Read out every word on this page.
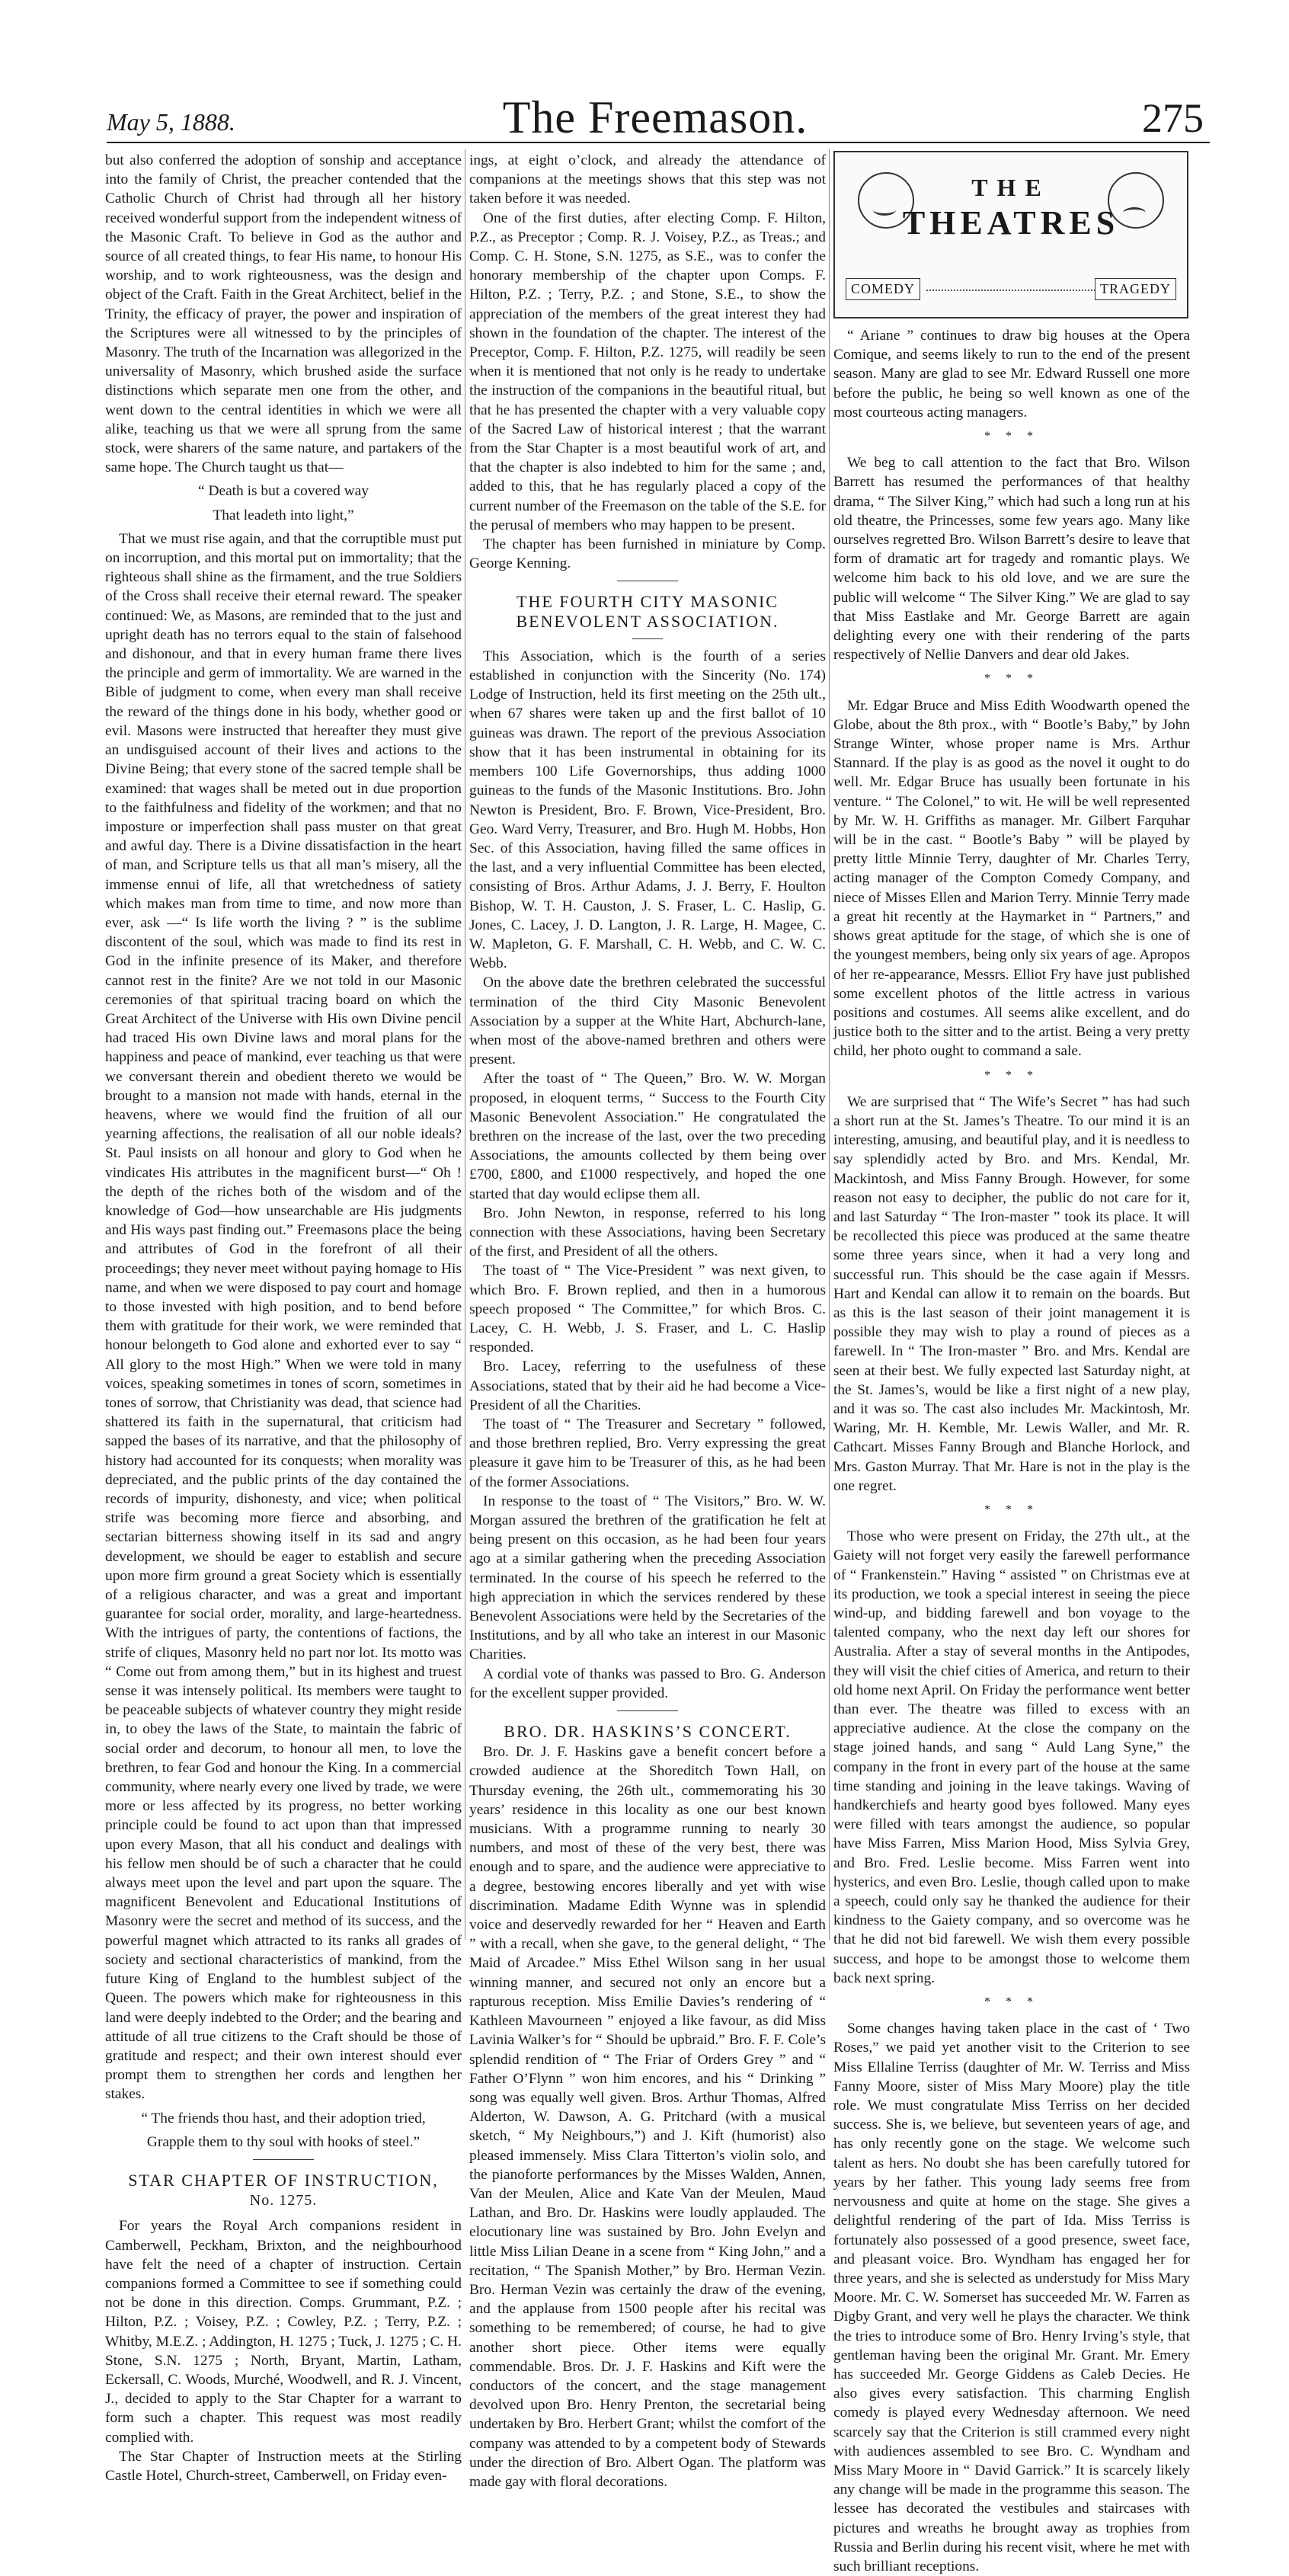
May 5, 1888.	The Freemason.	275

but also conferred the adoption of sonship and acceptance into the family of Christ, the preacher contended that the Catholic Church of Christ had through all her history received wonderful support from the independent witness of the Masonic Craft. To believe in God as the author and source of all created things, to fear His name, to honour His worship, and to work righteousness, was the design and object of the Craft. Faith in the Great Architect, belief in the Trinity, the efficacy of prayer, the power and inspiration of the Scriptures were all witnessed to by the principles of Masonry. The truth of the Incarnation was allegorized in the universality of Masonry, which brushed aside the surface distinctions which separate men one from the other, and went down to the central identities in which we were all alike, teaching us that we were all sprung from the same stock, were sharers of the same nature, and partakers of the same hope. The Church taught us that—

“ Death is but a covered way
That leadeth into light,”

That we must rise again, and that the corruptible must put on incorruption, and this mortal put on immortality; that the righteous shall shine as the firmament, and the true Soldiers of the Cross shall receive their eternal reward. The speaker continued: We, as Masons, are reminded that to the just and upright death has no terrors equal to the stain of falsehood and dishonour, and that in every human frame there lives the principle and germ of immortality. We are warned in the Bible of judgment to come, when every man shall receive the reward of the things done in his body, whether good or evil. Masons were instructed that hereafter they must give an undisguised account of their lives and actions to the Divine Being; that every stone of the sacred temple shall be examined: that wages shall be meted out in due proportion to the faithfulness and fidelity of the workmen; and that no imposture or imperfection shall pass muster on that great and awful day. There is a Divine dissatisfaction in the heart of man, and Scripture tells us that all man’s misery, all the immense ennui of life, all that wretchedness of satiety which makes man from time to time, and now more than ever, ask —“ Is life worth the living ? ” is the sublime discontent of the soul, which was made to find its rest in God in the infinite presence of its Maker, and therefore cannot rest in the finite? Are we not told in our Masonic ceremonies of that spiritual tracing board on which the Great Architect of the Universe with His own Divine pencil had traced His own Divine laws and moral plans for the happiness and peace of mankind, ever teaching us that were we conversant therein and obedient thereto we would be brought to a mansion not made with hands, eternal in the heavens, where we would find the fruition of all our yearning affections, the realisation of all our noble ideals? St. Paul insists on all honour and glory to God when he vindicates His attributes in the magnificent burst—“ Oh ! the depth of the riches both of the wisdom and of the knowledge of God—how unsearchable are His judgments and His ways past finding out.” Freemasons place the being and attributes of God in the forefront of all their proceedings; they never meet without paying homage to His name, and when we were disposed to pay court and homage to those invested with high position, and to bend before them with gratitude for their work, we were reminded that honour belongeth to God alone and exhorted ever to say “ All glory to the most High.” When we were told in many voices, speaking sometimes in tones of scorn, sometimes in tones of sorrow, that Christianity was dead, that science had shattered its faith in the supernatural, that criticism had sapped the bases of its narrative, and that the philosophy of history had accounted for its conquests; when morality was depreciated, and the public prints of the day contained the records of impurity, dishonesty, and vice; when political strife was becoming more fierce and absorbing, and sectarian bitterness showing itself in its sad and angry development, we should be eager to establish and secure upon more firm ground a great Society which is essentially of a religious character, and was a great and important guarantee for social order, morality, and large-heartedness. With the intrigues of party, the contentions of factions, the strife of cliques, Masonry held no part nor lot. Its motto was “ Come out from among them,” but in its highest and truest sense it was intensely political. Its members were taught to be peaceable subjects of whatever country they might reside in, to obey the laws of the State, to maintain the fabric of social order and decorum, to honour all men, to love the brethren, to fear God and honour the King. In a commercial community, where nearly every one lived by trade, we were more or less affected by its progress, no better working principle could be found to act upon than that impressed upon every Mason, that all his conduct and dealings with his fellow men should be of such a character that he could always meet upon the level and part upon the square. The magnificent Benevolent and Educational Institutions of Masonry were the secret and method of its success, and the powerful magnet which attracted to its ranks all grades of society and sectional characteristics of mankind, from the future King of England to the humblest subject of the Queen. The powers which make for righteousness in this land were deeply indebted to the Order; and the bearing and attitude of all true citizens to the Craft should be those of gratitude and respect; and their own interest should ever prompt them to strengthen her cords and lengthen her stakes.

“ The friends thou hast, and their adoption tried,
Grapple them to thy soul with hooks of steel.”
STAR CHAPTER OF INSTRUCTION,
No. 1275.

For years the Royal Arch companions resident in Camberwell, Peckham, Brixton, and the neighbourhood have felt the need of a chapter of instruction. Certain companions formed a Committee to see if something could not be done in this direction. Comps. Grummant, P.Z. ; Hilton, P.Z. ; Voisey, P.Z. ; Cowley, P.Z. ; Terry, P.Z. ; Whitby, M.E.Z. ; Addington, H. 1275 ; Tuck, J. 1275 ; C. H. Stone, S.N. 1275 ; North, Bryant, Martin, Latham, Eckersall, C. Woods, Murché, Woodwell, and R. J. Vincent, J., decided to apply to the Star Chapter for a warrant to form such a chapter. This request was most readily complied with.

The Star Chapter of Instruction meets at the Stirling Castle Hotel, Church-street, Camberwell, on Friday even-

ings, at eight o’clock, and already the attendance of companions at the meetings shows that this step was not taken before it was needed.

One of the first duties, after electing Comp. F. Hilton, P.Z., as Preceptor ; Comp. R. J. Voisey, P.Z., as Treas.; and Comp. C. H. Stone, S.N. 1275, as S.E., was to confer the honorary membership of the chapter upon Comps. F. Hilton, P.Z. ; Terry, P.Z. ; and Stone, S.E., to show the appreciation of the members of the great interest they had shown in the foundation of the chapter. The interest of the Preceptor, Comp. F. Hilton, P.Z. 1275, will readily be seen when it is mentioned that not only is he ready to undertake the instruction of the companions in the beautiful ritual, but that he has presented the chapter with a very valuable copy of the Sacred Law of historical interest ; that the warrant from the Star Chapter is a most beautiful work of art, and that the chapter is also indebted to him for the same ; and, added to this, that he has regularly placed a copy of the current number of the Freemason on the table of the S.E. for the perusal of members who may happen to be present.

The chapter has been furnished in miniature by Comp. George Kenning.

THE FOURTH CITY MASONIC BENEVOLENT ASSOCIATION.

This Association, which is the fourth of a series established in conjunction with the Sincerity (No. 174) Lodge of Instruction, held its first meeting on the 25th ult., when 67 shares were taken up and the first ballot of 10 guineas was drawn. The report of the previous Association show that it has been instrumental in obtaining for its members 100 Life Governorships, thus adding 1000 guineas to the funds of the Masonic Institutions. Bro. John Newton is President, Bro. F. Brown, Vice-President, Bro. Geo. Ward Verry, Treasurer, and Bro. Hugh M. Hobbs, Hon Sec. of this Association, having filled the same offices in the last, and a very influential Committee has been elected, consisting of Bros. Arthur Adams, J. J. Berry, F. Houlton Bishop, W. T. H. Causton, J. S. Fraser, L. C. Haslip, G. Jones, C. Lacey, J. D. Langton, J. R. Large, H. Magee, C. W. Mapleton, G. F. Marshall, C. H. Webb, and C. W. C. Webb.

On the above date the brethren celebrated the successful termination of the third City Masonic Benevolent Association by a supper at the White Hart, Abchurch-lane, when most of the above-named brethren and others were present.

After the toast of “ The Queen,” Bro. W. W. Morgan proposed, in eloquent terms, “ Success to the Fourth City Masonic Benevolent Association.” He congratulated the brethren on the increase of the last, over the two preceding Associations, the amounts collected by them being over £700, £800, and £1000 respectively, and hoped the one started that day would eclipse them all.

Bro. John Newton, in response, referred to his long connection with these Associations, having been Secretary of the first, and President of all the others.

The toast of “ The Vice-President ” was next given, to which Bro. F. Brown replied, and then in a humorous speech proposed “ The Committee,” for which Bros. C. Lacey, C. H. Webb, J. S. Fraser, and L. C. Haslip responded.

Bro. Lacey, referring to the usefulness of these Associations, stated that by their aid he had become a Vice-President of all the Charities.

The toast of “ The Treasurer and Secretary ” followed, and those brethren replied, Bro. Verry expressing the great pleasure it gave him to be Treasurer of this, as he had been of the former Associations.

In response to the toast of “ The Visitors,” Bro. W. W. Morgan assured the brethren of the gratification he felt at being present on this occasion, as he had been four years ago at a similar gathering when the preceding Association terminated. In the course of his speech he referred to the high appreciation in which the services rendered by these Benevolent Associations were held by the Secretaries of the Institutions, and by all who take an interest in our Masonic Charities.

A cordial vote of thanks was passed to Bro. G. Anderson for the excellent supper provided.

BRO. DR. HASKINS’S CONCERT.

Bro. Dr. J. F. Haskins gave a benefit concert before a crowded audience at the Shoreditch Town Hall, on Thursday evening, the 26th ult., commemorating his 30 years’ residence in this locality as one our best known musicians. With a programme running to nearly 30 numbers, and most of these of the very best, there was enough and to spare, and the audience were appreciative to a degree, bestowing encores liberally and yet with wise discrimination. Madame Edith Wynne was in splendid voice and deservedly rewarded for her “ Heaven and Earth ” with a recall, when she gave, to the general delight, “ The Maid of Arcadee.” Miss Ethel Wilson sang in her usual winning manner, and secured not only an encore but a rapturous reception. Miss Emilie Davies’s rendering of “ Kathleen Mavourneen ” enjoyed a like favour, as did Miss Lavinia Walker’s for “ Should be upbraid.” Bro. F. F. Cole’s splendid rendition of “ The Friar of Orders Grey ” and “ Father O’Flynn ” won him encores, and his “ Drinking ” song was equally well given. Bros. Arthur Thomas, Alfred Alderton, W. Dawson, A. G. Pritchard (with a musical sketch, “ My Neighbours,”) and J. Kift (humorist) also pleased immensely. Miss Clara Titterton’s violin solo, and the pianoforte performances by the Misses Walden, Annen, Van der Meulen, Alice and Kate Van der Meulen, Maud Lathan, and Bro. Dr. Haskins were loudly applauded. The elocutionary line was sustained by Bro. John Evelyn and little Miss Lilian Deane in a scene from “ King John,” and a recitation, “ The Spanish Mother,” by Bro. Herman Vezin. Bro. Herman Vezin was certainly the draw of the evening, and the applause from 1500 people after his recital was something to be remembered; of course, he had to give another short piece. Other items were equally commendable. Bros. Dr. J. F. Haskins and Kift were the conductors of the concert, and the stage management devolved upon Bro. Henry Prenton, the secretarial being undertaken by Bro. Herbert Grant; whilst the comfort of the company was attended to by a competent body of Stewards under the direction of Bro. Albert Ogan. The platform was made gay with floral decorations.

THE
THEATRES
COMEDY	TRAGEDY

“ Ariane ” continues to draw big houses at the Opera Comique, and seems likely to run to the end of the present season. Many are glad to see Mr. Edward Russell one more before the public, he being so well known as one of the most courteous acting managers.

* * *

We beg to call attention to the fact that Bro. Wilson Barrett has resumed the performances of that healthy drama, “ The Silver King,” which had such a long run at his old theatre, the Princesses, some few years ago. Many like ourselves regretted Bro. Wilson Barrett’s desire to leave that form of dramatic art for tragedy and romantic plays. We welcome him back to his old love, and we are sure the public will welcome “ The Silver King.” We are glad to say that Miss Eastlake and Mr. George Barrett are again delighting every one with their rendering of the parts respectively of Nellie Danvers and dear old Jakes.

* * *

Mr. Edgar Bruce and Miss Edith Woodwarth opened the Globe, about the 8th prox., with “ Bootle’s Baby,” by John Strange Winter, whose proper name is Mrs. Arthur Stannard. If the play is as good as the novel it ought to do well. Mr. Edgar Bruce has usually been fortunate in his venture. “ The Colonel,” to wit. He will be well represented by Mr. W. H. Griffiths as manager. Mr. Gilbert Farquhar will be in the cast. “ Bootle’s Baby ” will be played by pretty little Minnie Terry, daughter of Mr. Charles Terry, acting manager of the Compton Comedy Company, and niece of Misses Ellen and Marion Terry. Minnie Terry made a great hit recently at the Haymarket in “ Partners,” and shows great aptitude for the stage, of which she is one of the youngest members, being only six years of age. Apropos of her re-appearance, Messrs. Elliot Fry have just published some excellent photos of the little actress in various positions and costumes. All seems alike excellent, and do justice both to the sitter and to the artist. Being a very pretty child, her photo ought to command a sale.

* * *

We are surprised that “ The Wife’s Secret ” has had such a short run at the St. James’s Theatre. To our mind it is an interesting, amusing, and beautiful play, and it is needless to say splendidly acted by Bro. and Mrs. Kendal, Mr. Mackintosh, and Miss Fanny Brough. However, for some reason not easy to decipher, the public do not care for it, and last Saturday “ The Iron-master ” took its place. It will be recollected this piece was produced at the same theatre some three years since, when it had a very long and successful run. This should be the case again if Messrs. Hart and Kendal can allow it to remain on the boards. But as this is the last season of their joint management it is possible they may wish to play a round of pieces as a farewell. In “ The Iron-master ” Bro. and Mrs. Kendal are seen at their best. We fully expected last Saturday night, at the St. James’s, would be like a first night of a new play, and it was so. The cast also includes Mr. Mackintosh, Mr. Waring, Mr. H. Kemble, Mr. Lewis Waller, and Mr. R. Cathcart. Misses Fanny Brough and Blanche Horlock, and Mrs. Gaston Murray. That Mr. Hare is not in the play is the one regret.

* * *

Those who were present on Friday, the 27th ult., at the Gaiety will not forget very easily the farewell performance of “ Frankenstein.” Having “ assisted ” on Christmas eve at its production, we took a special interest in seeing the piece wind-up, and bidding farewell and bon voyage to the talented company, who the next day left our shores for Australia. After a stay of several months in the Antipodes, they will visit the chief cities of America, and return to their old home next April. On Friday the performance went better than ever. The theatre was filled to excess with an appreciative audience. At the close the company on the stage joined hands, and sang “ Auld Lang Syne,” the company in the front in every part of the house at the same time standing and joining in the leave takings. Waving of handkerchiefs and hearty good byes followed. Many eyes were filled with tears amongst the audience, so popular have Miss Farren, Miss Marion Hood, Miss Sylvia Grey, and Bro. Fred. Leslie become. Miss Farren went into hysterics, and even Bro. Leslie, though called upon to make a speech, could only say he thanked the audience for their kindness to the Gaiety company, and so overcome was he that he did not bid farewell. We wish them every possible success, and hope to be amongst those to welcome them back next spring.

* * *

Some changes having taken place in the cast of ‘ Two Roses,” we paid yet another visit to the Criterion to see Miss Ellaline Terriss (daughter of Mr. W. Terriss and Miss Fanny Moore, sister of Miss Mary Moore) play the title role. We must congratulate Miss Terriss on her decided success. She is, we believe, but seventeen years of age, and has only recently gone on the stage. We welcome such talent as hers. No doubt she has been carefully tutored for years by her father. This young lady seems free from nervousness and quite at home on the stage. She gives a delightful rendering of the part of Ida. Miss Terriss is fortunately also possessed of a good presence, sweet face, and pleasant voice. Bro. Wyndham has engaged her for three years, and she is selected as understudy for Miss Mary Moore. Mr. C. W. Somerset has succeeded Mr. W. Farren as Digby Grant, and very well he plays the character. We think the tries to introduce some of Bro. Henry Irving’s style, that gentleman having been the original Mr. Grant. Mr. Emery has succeeded Mr. George Giddens as Caleb Decies. He also gives every satisfaction. This charming English comedy is played every Wednesday afternoon. We need scarcely say that the Criterion is still crammed every night with audiences assembled to see Bro. C. Wyndham and Miss Mary Moore in “ David Garrick.” It is scarcely likely any change will be made in the programme this season. The lessee has decorated the vestibules and staircases with pictures and wreaths he brought away as trophies from Russia and Berlin during his recent visit, where he met with such brilliant receptions.
